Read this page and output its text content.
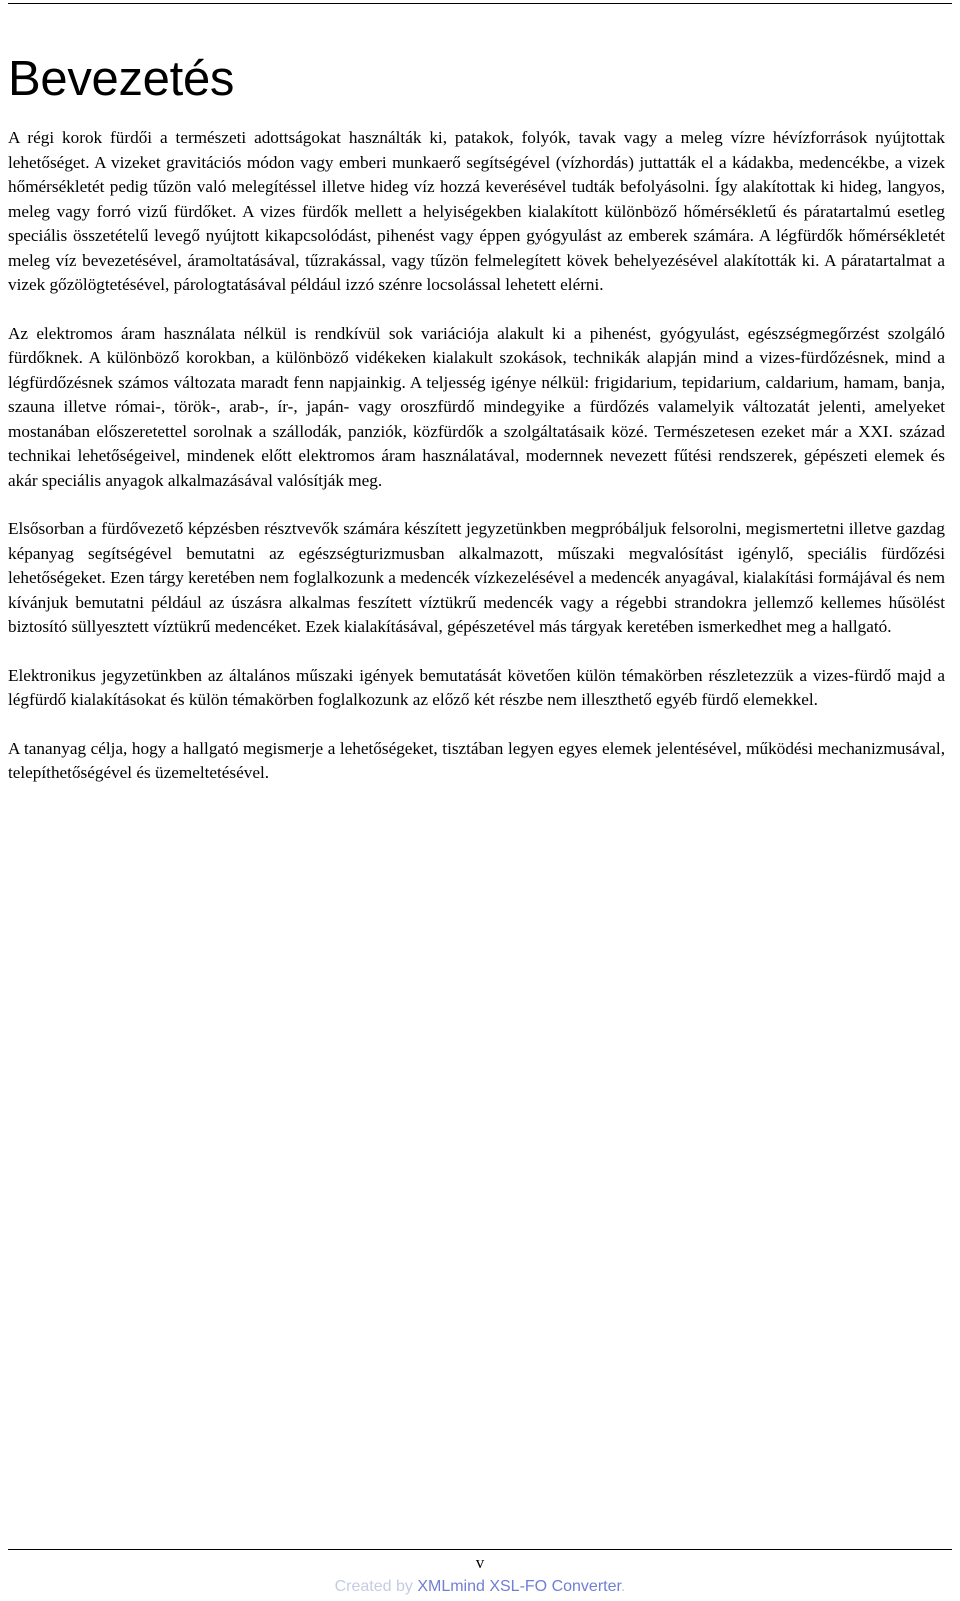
Bevezetés

A régi korok fürdői a természeti adottságokat használták ki, patakok, folyók, tavak vagy a meleg vízre hévízforrások nyújtottak lehetőséget. A vizeket gravitációs módon vagy emberi munkaerő segítségével (vízhordás) juttatták el a kádakba, medencékbe, a vizek hőmérsékletét pedig tűzön való melegítéssel illetve hideg víz hozzá keverésével tudták befolyásolni. Így alakítottak ki hideg, langyos, meleg vagy forró vizű fürdőket. A vizes fürdők mellett a helyiségekben kialakított különböző hőmérsékletű és páratartalmú esetleg speciális összetételű levegő nyújtott kikapcsolódást, pihenést vagy éppen gyógyulást az emberek számára. A légfürdők hőmérsékletét meleg víz bevezetésével, áramoltatásával, tűzrakással, vagy tűzön felmelegített kövek behelyezésével alakították ki. A páratartalmat a vizek gőzölögtetésével, párologtatásával például izzó szénre locsolással lehetett elérni.

Az elektromos áram használata nélkül is rendkívül sok variációja alakult ki a pihenést, gyógyulást, egészségmegőrzést szolgáló fürdőknek. A különböző korokban, a különböző vidékeken kialakult szokások, technikák alapján mind a vizes-fürdőzésnek, mind a légfürdőzésnek számos változata maradt fenn napjainkig. A teljesség igénye nélkül: frigidarium, tepidarium, caldarium, hamam, banja, szauna illetve római-, török-, arab-, ír-, japán- vagy oroszfürdő mindegyike a fürdőzés valamelyik változatát jelenti, amelyeket mostanában előszeretettel sorolnak a szállodák, panziók, közfürdők a szolgáltatásaik közé. Természetesen ezeket már a XXI. század technikai lehetőségeivel, mindenek előtt elektromos áram használatával, modernnek nevezett fűtési rendszerek, gépészeti elemek és akár speciális anyagok alkalmazásával valósítják meg.

Elsősorban a fürdővezető képzésben résztvevők számára készített jegyzetünkben megpróbáljuk felsorolni, megismertetni illetve gazdag képanyag segítségével bemutatni az egészségturizmusban alkalmazott, műszaki megvalósítást igénylő, speciális fürdőzési lehetőségeket. Ezen tárgy keretében nem foglalkozunk a medencék vízkezelésével a medencék anyagával, kialakítási formájával és nem kívánjuk bemutatni például az úszásra alkalmas feszített víztükrű medencék vagy a régebbi strandokra jellemző kellemes hűsölést biztosító süllyesztett víztükrű medencéket. Ezek kialakításával, gépészetével más tárgyak keretében ismerkedhet meg a hallgató.

Elektronikus jegyzetünkben az általános műszaki igények bemutatását követően külön témakörben részletezzük a vizes-fürdő majd a légfürdő kialakításokat és külön témakörben foglalkozunk az előző két részbe nem illeszthető egyéb fürdő elemekkel.

A tananyag célja, hogy a hallgató megismerje a lehetőségeket, tisztában legyen egyes elemek jelentésével, működési mechanizmusával, telepíthetőségével és üzemeltetésével.

v
Created by XMLmind XSL-FO Converter.
